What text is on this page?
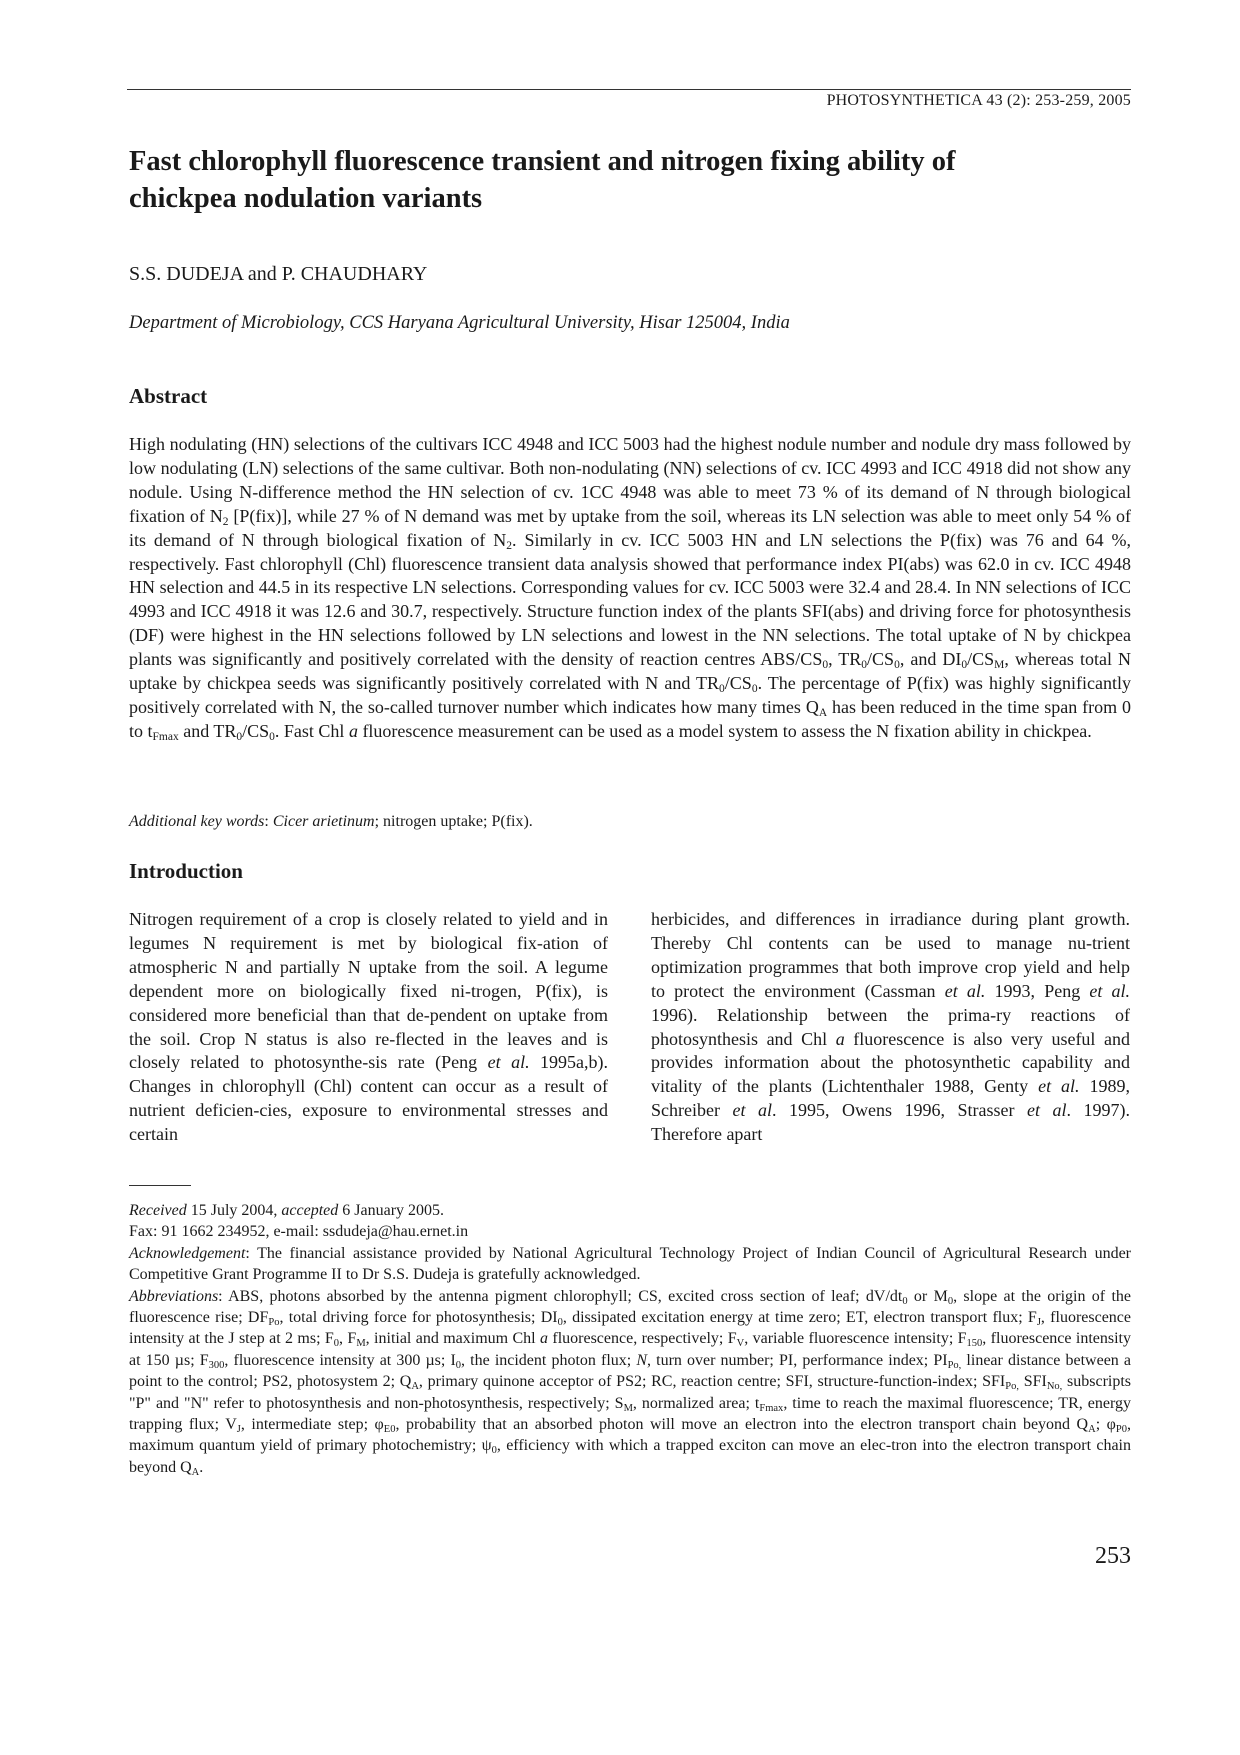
PHOTOSYNTHETICA 43 (2): 253-259, 2005
Fast chlorophyll fluorescence transient and nitrogen fixing ability of chickpea nodulation variants
S.S. DUDEJA and P. CHAUDHARY
Department of Microbiology, CCS Haryana Agricultural University, Hisar 125004, India
Abstract

High nodulating (HN) selections of the cultivars ICC 4948 and ICC 5003 had the highest nodule number and nodule dry mass followed by low nodulating (LN) selections of the same cultivar. Both non-nodulating (NN) selections of cv. ICC 4993 and ICC 4918 did not show any nodule. Using N-difference method the HN selection of cv. 1CC 4948 was able to meet 73 % of its demand of N through biological fixation of $N_2$ [P(fix)], while 27 % of N demand was met by uptake from the soil, whereas its LN selection was able to meet only 54 % of its demand of N through biological fixation of $N_2$. Similarly in cv. ICC 5003 HN and LN selections the P(fix) was 76 and 64 %, respectively. Fast chlorophyll (Chl) fluorescence transient data analysis showed that performance index PI(abs) was 62.0 in cv. ICC 4948 HN selection and 44.5 in its respective LN selections. Corresponding values for cv. ICC 5003 were 32.4 and 28.4. In NN selections of ICC 4993 and ICC 4918 it was 12.6 and 30.7, respectively. Structure function index of the plants SFI(abs) and driving force for photosynthesis (DF) were highest in the HN selections followed by LN selections and lowest in the NN selections. The total uptake of N by chickpea plants was significantly and positively correlated with the density of reaction centres ABS/$CS_0$, $TR_0/CS_0$, and $DI_0/CS_M$, whereas total N uptake by chickpea seeds was significantly positively correlated with N and $TR_0/CS_0$. The percentage of P(fix) was highly significantly positively correlated with N, the so-called turnover number which indicates how many times $Q_A$ has been reduced in the time span from 0 to $t_{Fmax}$ and $TR_0/CS_0$. Fast Chl a fluorescence measurement can be used as a model system to assess the N fixation ability in chickpea.

Additional key words: Cicer arietinum; nitrogen uptake; P(fix).
Introduction

Nitrogen requirement of a crop is closely related to yield and in legumes N requirement is met by biological fix-ation of atmospheric N and partially N uptake from the soil. A legume dependent more on biologically fixed ni-trogen, P(fix), is considered more beneficial than that de-pendent on uptake from the soil. Crop N status is also re-flected in the leaves and is closely related to photosynthe-sis rate (Peng et al. 1995a,b). Changes in chlorophyll (Chl) content can occur as a result of nutrient deficien-cies, exposure to environmental stresses and certain

herbicides, and differences in irradiance during plant growth. Thereby Chl contents can be used to manage nu-trient optimization programmes that both improve crop yield and help to protect the environment (Cassman et al. 1993, Peng et al. 1996). Relationship between the prima-ry reactions of photosynthesis and Chl a fluorescence is also very useful and provides information about the photosynthetic capability and vitality of the plants (Lichtenthaler 1988, Genty et al. 1989, Schreiber et al. 1995, Owens 1996, Strasser et al. 1997). Therefore apart

Received 15 July 2004, accepted 6 January 2005.

Fax: 91 1662 234952, e-mail: ssdudeja@hau.ernet.in

Acknowledgement: The financial assistance provided by National Agricultural Technology Project of Indian Council of Agricultural Research under Competitive Grant Programme II to Dr S.S. Dudeja is gratefully acknowledged.

Abbreviations: ABS, photons absorbed by the antenna pigment chlorophyll; CS, excited cross section of leaf; $dV/dt_0$ or $M_0$, slope at the origin of the fluorescence rise; $DF_{Po}$, total driving force for photosynthesis; $DI_0$, dissipated excitation energy at time zero; ET, electron transport flux; $F_J$, fluorescence intensity at the J step at 2 ms; $F_0$, $F_M$, initial and maximum Chl a fluorescence, respectively; $F_V$, variable fluorescence intensity; $F_{150}$, fluorescence intensity at 150 µs; $F_{300}$, fluorescence intensity at 300 µs; $I_0$, the incident photon flux; N, turn over number; PI, performance index; $PI_{Po,}$ linear distance between a point to the control; PS2, photosystem 2; $Q_A$, primary quinone acceptor of PS2; RC, reaction centre; SFI, structure-function-index; $SFI_{Po,}$ $SFI_{No,}$ subscripts "P" and "N" refer to photosynthesis and non-photosynthesis, respectively; $S_M$, normalized area; $t_{Fmax}$, time to reach the maximal fluorescence; TR, energy trapping flux; $V_J$, intermediate step; $\varphi_{E0}$, probability that an absorbed photon will move an electron into the electron transport chain beyond $Q_A$; $\varphi_{P0}$, maximum quantum yield of primary photochemistry; $\psi_0$, efficiency with which a trapped exciton can move an elec-tron into the electron transport chain beyond $Q_A$.

253
